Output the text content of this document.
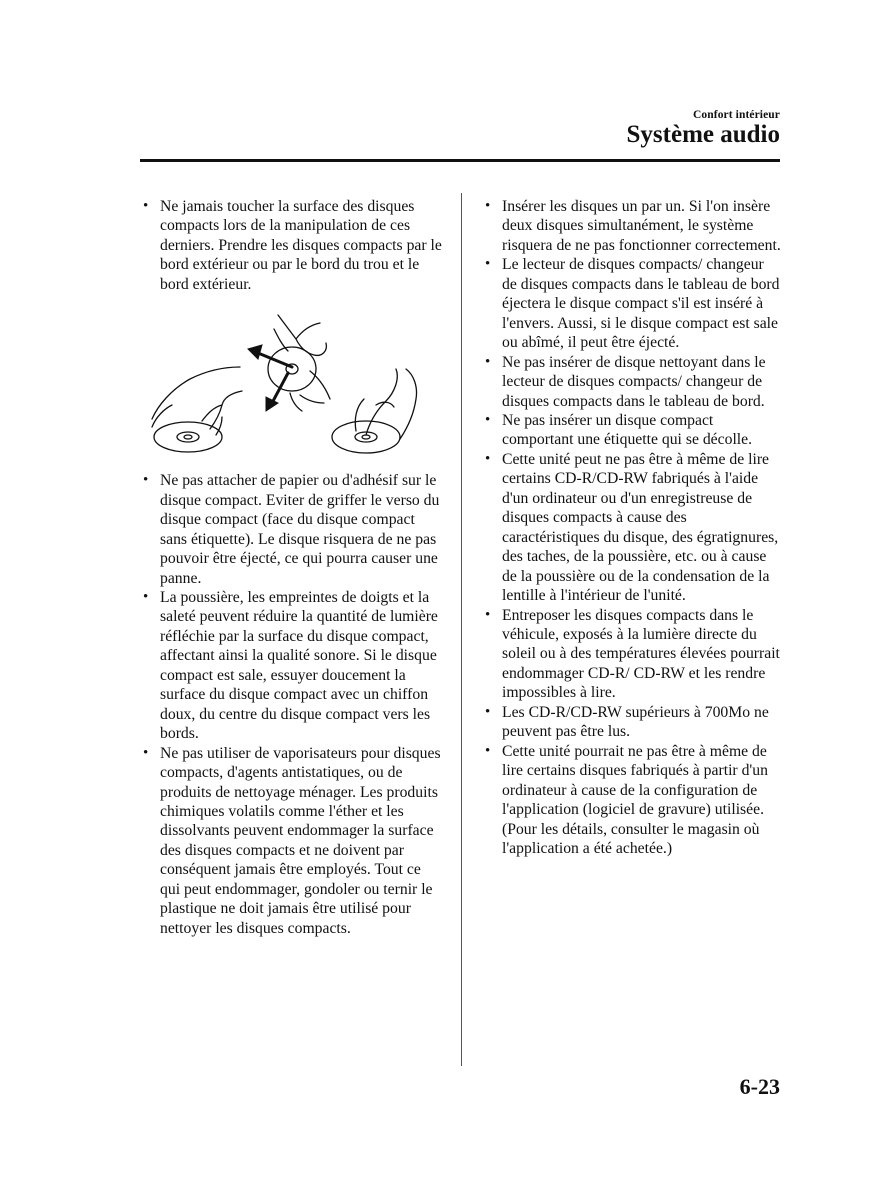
Confort intérieur
Système audio
• Ne jamais toucher la surface des disques compacts lors de la manipulation de ces derniers. Prendre les disques compacts par le bord extérieur ou par le bord du trou et le bord extérieur.
• Ne pas attacher de papier ou d'adhésif sur le disque compact. Eviter de griffer le verso du disque compact (face du disque compact sans étiquette). Le disque risquera de ne pas pouvoir être éjecté, ce qui pourra causer une panne.
• La poussière, les empreintes de doigts et la saleté peuvent réduire la quantité de lumière réfléchie par la surface du disque compact, affectant ainsi la qualité sonore. Si le disque compact est sale, essuyer doucement la surface du disque compact avec un chiffon doux, du centre du disque compact vers les bords.
• Ne pas utiliser de vaporisateurs pour disques compacts, d'agents antistatiques, ou de produits de nettoyage ménager. Les produits chimiques volatils comme l'éther et les dissolvants peuvent endommager la surface des disques compacts et ne doivent par conséquent jamais être employés. Tout ce qui peut endommager, gondoler ou ternir le plastique ne doit jamais être utilisé pour nettoyer les disques compacts.
• Insérer les disques un par un. Si l'on insère deux disques simultanément, le système risquera de ne pas fonctionner correctement.
• Le lecteur de disques compacts/ changeur de disques compacts dans le tableau de bord éjectera le disque compact s'il est inséré à l'envers. Aussi, si le disque compact est sale ou abîmé, il peut être éjecté.
• Ne pas insérer de disque nettoyant dans le lecteur de disques compacts/ changeur de disques compacts dans le tableau de bord.
• Ne pas insérer un disque compact comportant une étiquette qui se décolle.
• Cette unité peut ne pas être à même de lire certains CD-R/CD-RW fabriqués à l'aide d'un ordinateur ou d'un enregistreuse de disques compacts à cause des caractéristiques du disque, des égratignures, des taches, de la poussière, etc. ou à cause de la poussière ou de la condensation de la lentille à l'intérieur de l'unité.
• Entreposer les disques compacts dans le véhicule, exposés à la lumière directe du soleil ou à des températures élevées pourrait endommager CD-R/ CD-RW et les rendre impossibles à lire.
• Les CD-R/CD-RW supérieurs à 700Mo ne peuvent pas être lus.
• Cette unité pourrait ne pas être à même de lire certains disques fabriqués à partir d'un ordinateur à cause de la configuration de l'application (logiciel de gravure) utilisée. (Pour les détails, consulter le magasin où l'application a été achetée.)
6-23
